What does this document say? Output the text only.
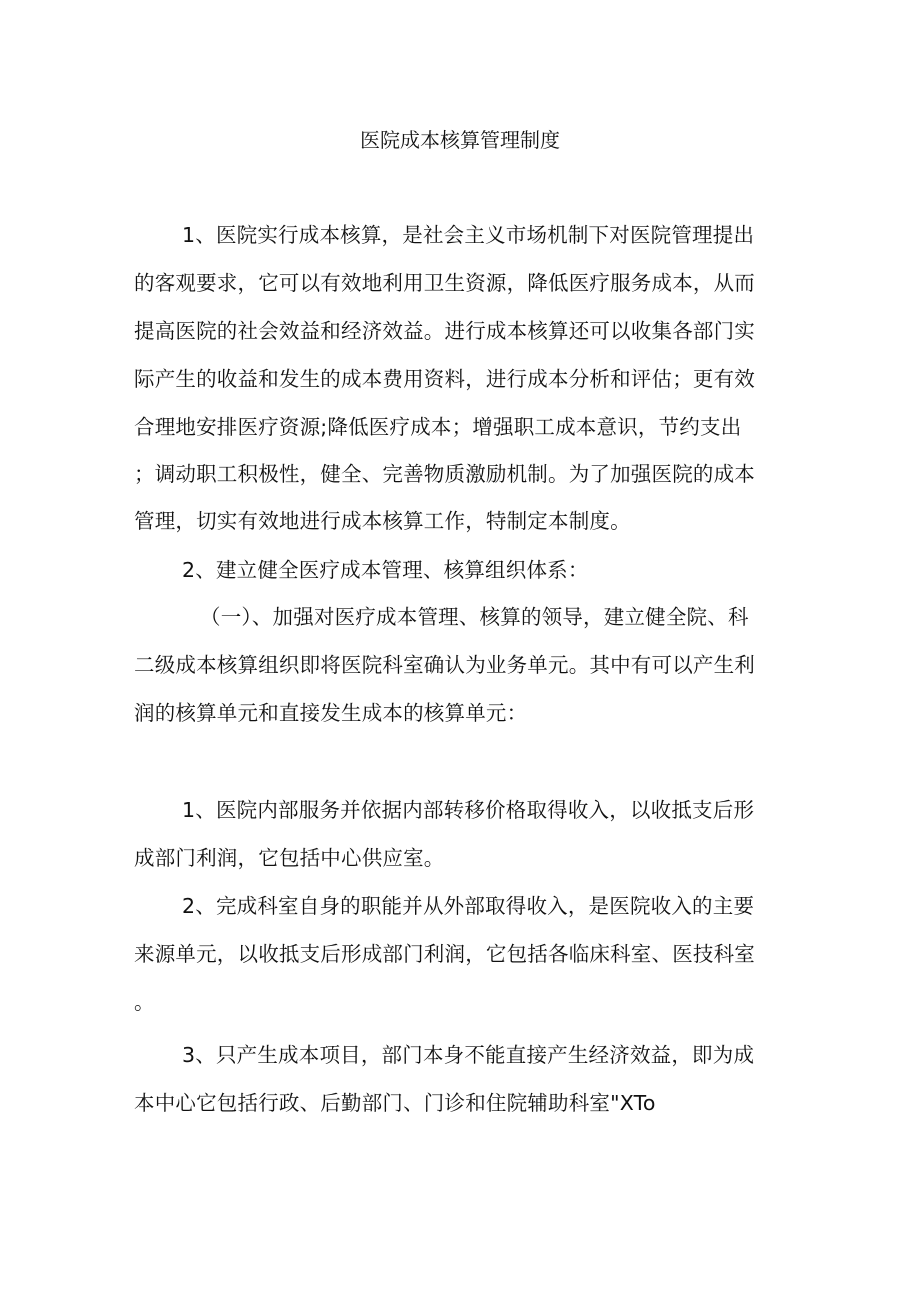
医院成本核算管理制度
1、医院实行成本核算，是社会主义市场机制下对医院管理提出
的客观要求，它可以有效地利用卫生资源，降低医疗服务成本，从而
提高医院的社会效益和经济效益。进行成本核算还可以收集各部门实
际产生的收益和发生的成本费用资料，进行成本分析和评估；更有效
合理地安排医疗资源;降低医疗成本；增强职工成本意识，节约支出
；调动职工积极性，健全、完善物质激励机制。为了加强医院的成本
管理，切实有效地进行成本核算工作，特制定本制度。
2、建立健全医疗成本管理、核算组织体系：
（一）、加强对医疗成本管理、核算的领导，建立健全院、科
二级成本核算组织即将医院科室确认为业务单元。其中有可以产生利
润的核算单元和直接发生成本的核算单元：
1、医院内部服务并依据内部转移价格取得收入，以收抵支后形
成部门利润，它包括中心供应室。
2、完成科室自身的职能并从外部取得收入，是医院收入的主要
来源单元，以收抵支后形成部门利润，它包括各临床科室、医技科室
。
3、只产生成本项目，部门本身不能直接产生经济效益，即为成
本中心它包括行政、后勤部门、门诊和住院辅助科室"XTo
